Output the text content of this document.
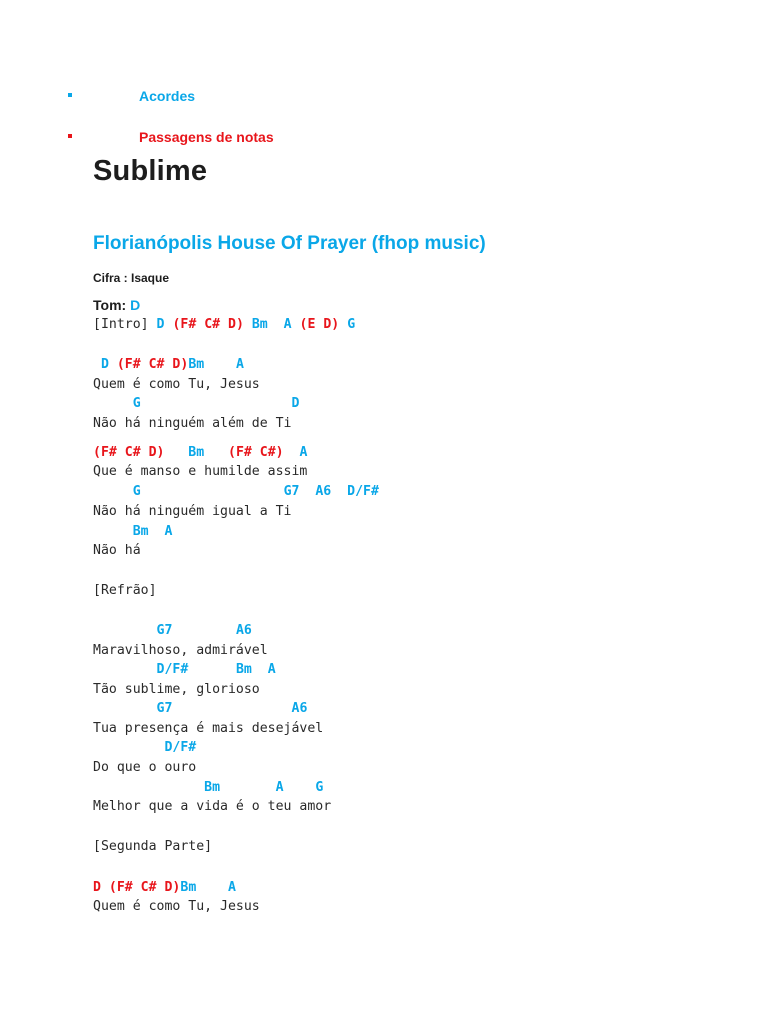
Acordes
Passagens de notas
Sublime
Florianópolis House Of Prayer (fhop music)
Cifra : Isaque
Tom: D
[Intro] D (F# C# D) Bm A (E D) G
D (F# C# D)Bm A
Quem é como Tu, Jesus
G	D
Não há ninguém além de Ti
(F# C# D) Bm (F# C#) A
Que é manso e humilde assim
G	G7 A6 D/F#
Não há ninguém igual a Ti
Bm A
Não há
[Refrão]
G7	A6
Maravilhoso, admirável
D/F#	Bm A
Tão sublime, glorioso
G7	A6
Tua presença é mais desejável
D/F#
Do que o ouro
Bm	A G
Melhor que a vida é o teu amor
[Segunda Parte]
D (F# C# D)Bm A
Quem é como Tu, Jesus
